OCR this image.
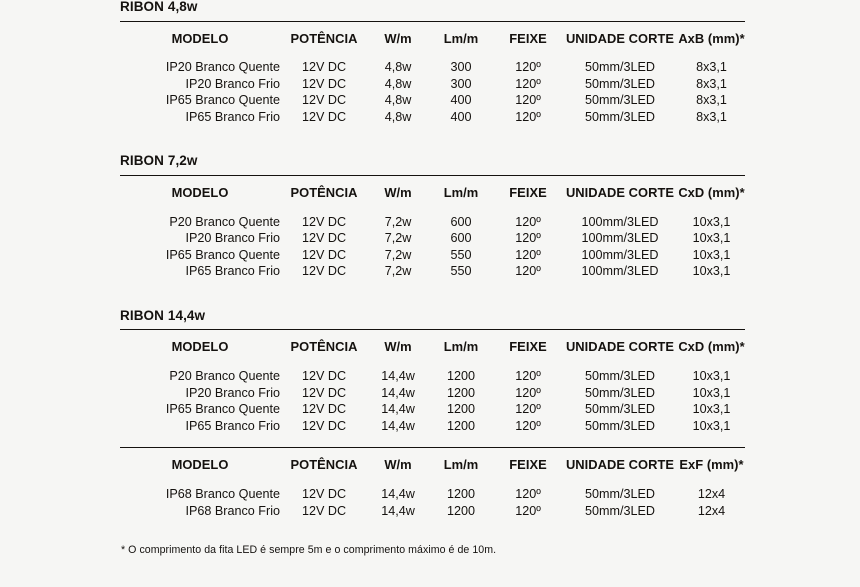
RIBON 4,8w
MODELO	POTÊNCIA	W/m	Lm/m	FEIXE	UNIDADE CORTE	AxB (mm)*
IP20 Branco Quente	12V DC	4,8w	300	120º	50mm/3LED	8x3,1
IP20 Branco Frio	12V DC	4,8w	300	120º	50mm/3LED	8x3,1
IP65 Branco Quente	12V DC	4,8w	400	120º	50mm/3LED	8x3,1
IP65 Branco Frio	12V DC	4,8w	400	120º	50mm/3LED	8x3,1
RIBON 7,2w
MODELO	POTÊNCIA	W/m	Lm/m	FEIXE	UNIDADE CORTE	CxD (mm)*
P20 Branco Quente	12V DC	7,2w	600	120º	100mm/3LED	10x3,1
IP20 Branco Frio	12V DC	7,2w	600	120º	100mm/3LED	10x3,1
IP65 Branco Quente	12V DC	7,2w	550	120º	100mm/3LED	10x3,1
IP65 Branco Frio	12V DC	7,2w	550	120º	100mm/3LED	10x3,1
RIBON 14,4w
MODELO	POTÊNCIA	W/m	Lm/m	FEIXE	UNIDADE CORTE	CxD (mm)*
P20 Branco Quente	12V DC	14,4w	1200	120º	50mm/3LED	10x3,1
IP20 Branco Frio	12V DC	14,4w	1200	120º	50mm/3LED	10x3,1
IP65 Branco Quente	12V DC	14,4w	1200	120º	50mm/3LED	10x3,1
IP65 Branco Frio	12V DC	14,4w	1200	120º	50mm/3LED	10x3,1
MODELO	POTÊNCIA	W/m	Lm/m	FEIXE	UNIDADE CORTE	ExF (mm)*
IP68 Branco Quente	12V DC	14,4w	1200	120º	50mm/3LED	12x4
IP68 Branco Frio	12V DC	14,4w	1200	120º	50mm/3LED	12x4
* O comprimento da fita LED é sempre 5m e o comprimento máximo é de 10m.
